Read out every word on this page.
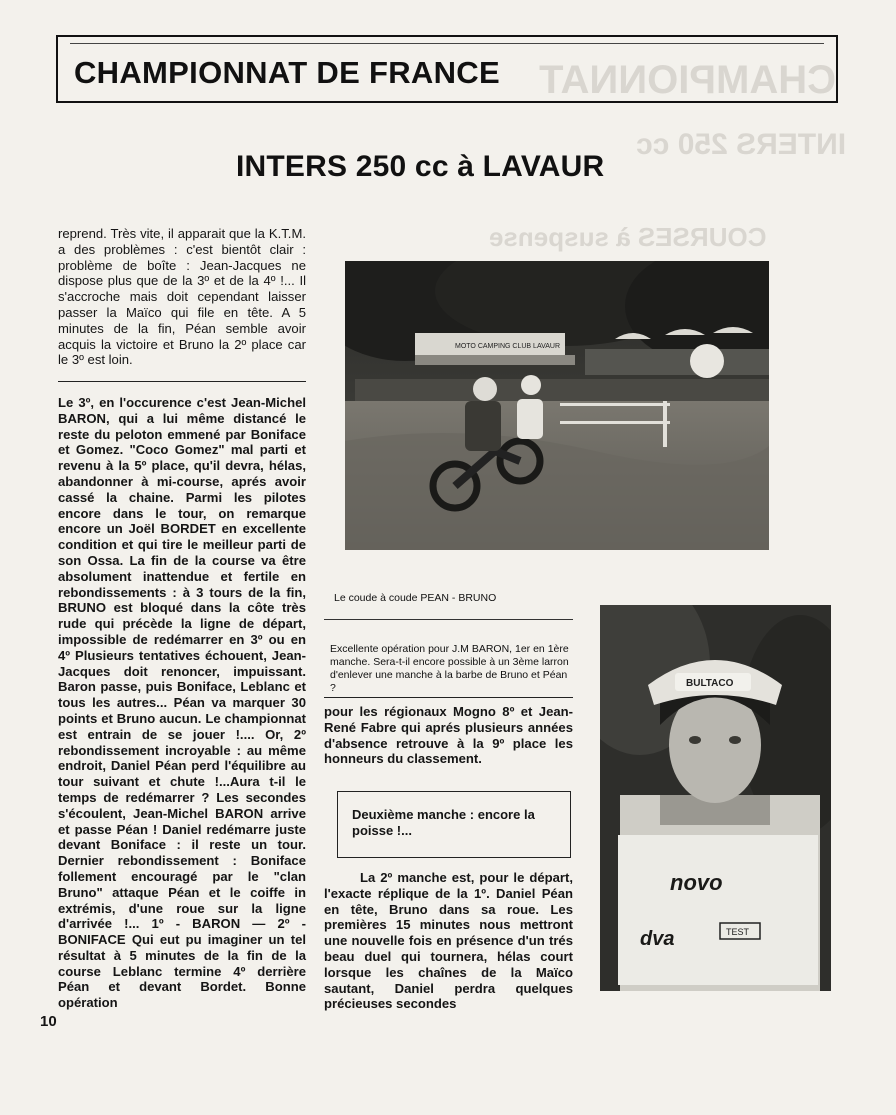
CHAMPIONNAT
INTERS 250 cc
COURSES à suspense
CHAMPIONNAT DE FRANCE
INTERS 250 cc à LAVAUR

reprend. Très vite, il apparait que la K.T.M. a des problèmes : c'est bientôt clair : problème de boîte : Jean-Jacques ne dispose plus que de la 3º et de la 4º !... Il s'accroche mais doit cependant laisser passer la Maïco qui file en tête. A 5 minutes de la fin, Péan semble avoir acquis la victoire et Bruno la 2º place car le 3º est loin.

Le 3º, en l'occurence c'est Jean-Michel BARON, qui a lui même distancé le reste du peloton emmené par Boniface et Gomez. "Coco Gomez" mal parti et revenu à la 5º place, qu'il devra, hélas, abandonner à mi-course, aprés avoir cassé la chaine. Parmi les pilotes encore dans le tour, on remarque encore un Joël BORDET en excellente condition et qui tire le meilleur parti de son Ossa. La fin de la course va être absolument inattendue et fertile en rebondissements : à 3 tours de la fin, BRUNO est bloqué dans la côte très rude qui précède la ligne de départ, impossible de redémarrer en 3º ou en 4º Plusieurs tentatives échouent, Jean-Jacques doit renoncer, impuissant. Baron passe, puis Boniface, Leblanc et tous les autres... Péan va marquer 30 points et Bruno aucun. Le championnat est entrain de se jouer !.... Or, 2º rebondissement incroyable : au même endroit, Daniel Péan perd l'équilibre au tour suivant et chute !...Aura t-il le temps de redémarrer ? Les secondes s'écoulent, Jean-Michel BARON arrive et passe Péan ! Daniel redémarre juste devant Boniface : il reste un tour. Dernier rebondissement : Boniface follement encouragé par le "clan Bruno" attaque Péan et le coiffe in extrémis, d'une roue sur la ligne d'arrivée !... 1º - BARON — 2º - BONIFACE Qui eut pu imaginer un tel résultat à 5 minutes de la fin de la course Leblanc termine 4º derrière Péan et devant Bordet. Bonne opération

MOTO CAMPING CLUB LAVAUR
Le coude à coude PEAN - BRUNO
Excellente opération pour J.M BARON, 1er en 1ère manche. Sera-t-il encore possible à un 3ème larron d'enlever une manche à la barbe de Bruno et Péan ?

pour les régionaux Mogno 8º et Jean-René Fabre qui aprés plusieurs années d'absence retrouve à la 9º place les honneurs du classement.

Deuxième manche : encore la poisse !...

La 2º manche est, pour le départ, l'exacte réplique de la 1º. Daniel Péan en tête, Bruno dans sa roue. Les premières 15 minutes nous mettront une nouvelle fois en présence d'un trés beau duel qui tournera, hélas court lorsque les chaînes de la Maïco sautant, Daniel perdra quelques précieuses secondes

novo
dva	TEST
BULTACO
10
